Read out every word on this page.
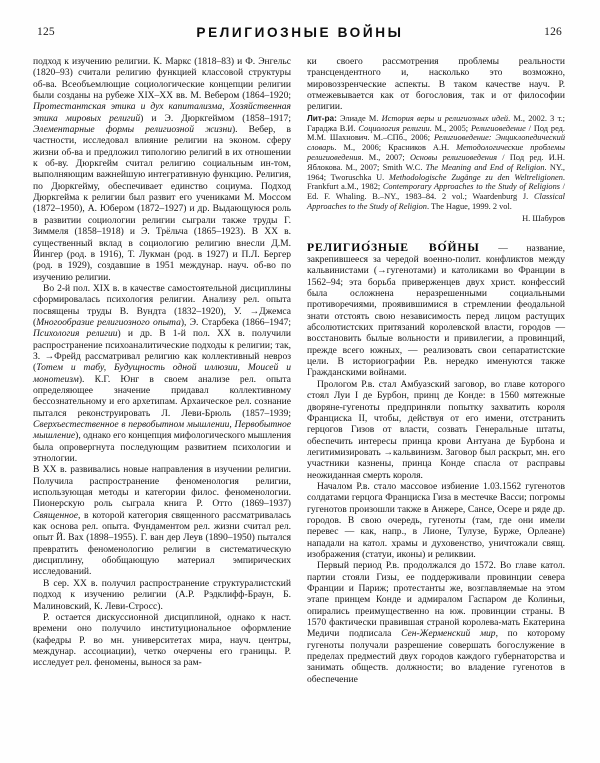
125	РЕЛИГИОЗНЫЕ ВОЙНЫ	126

подход к изучению религии. К. Маркс (1818–83) и Ф. Энгельс (1820–93) считали религию функцией классовой структуры об-ва. Всеобъемлющие социологические концепции религии были созданы на рубеже XIX–XX вв. М. Вебером (1864–1920; Протестантская этика и дух капитализма, Хозяйственная этика мировых религий) и Э. Дюркгеймом (1858–1917; Элементарные формы религиозной жизни). Вебер, в частности, исследовал влияние религии на эконом. сферу жизни об-ва и предложил типологию религий в их отношении к об-ву. Дюркгейм считал религию социальным ин-том, выполняющим важнейшую интегративную функцию. Религия, по Дюркгейму, обеспечивает единство социума. Подход Дюркгейма к религии был развит его учениками М. Моссом (1872–1950), А. Юбером (1872–1927) и др. Выдающуюся роль в развитии социологии религии сыграли также труды Г. Зиммеля (1858–1918) и Э. Трёльча (1865–1923). В XX в. существенный вклад в социологию религию внесли Д.М. Йингер (род. в 1916), Т. Лукман (род. в 1927) и П.Л. Бергер (род. в 1929), создавшие в 1951 междунар. науч. об-во по изучению религии.

Во 2-й пол. XIX в. в качестве самостоятельной дисциплины сформировалась психология религии. Анализу рел. опыта посвящены труды В. Вундта (1832–1920), У. →Джемса (Многообразие религиозного опыта), Э. Старбека (1866–1947; Психология религии) и др. В 1-й пол. XX в. получили распространение психоаналитические подходы к религии; так, З. →Фрейд рассматривал религию как коллективный невроз (Тотем и табу, Будущность одной иллюзии, Моисей и монотеизм). К.Г. Юнг в своем анализе рел. опыта определяющее значение придавал коллективному бессознательному и его архетипам. Архаическое рел. сознание пытался реконструировать Л. Леви-Брюль (1857–1939; Сверхъестественное в первобытном мышлении, Первобытное мышление), однако его концепция мифологического мышления была опровергнута последующим развитием психологии и этнологии.

В XX в. развивались новые направления в изучении религии. Получила распространение феноменология религии, использующая методы и категории филос. феноменологии. Пионерскую роль сыграла книга Р. Отто (1869–1937) Священное, в которой категория священного рассматривалась как основа рел. опыта. Фундаментом рел. жизни считал рел. опыт Й. Вах (1898–1955). Г. ван дер Леув (1890–1950) пытался превратить феноменологию религии в систематическую дисциплину, обобщающую материал эмпирических исследований.

В сер. XX в. получил распространение структуралистский подход к изучению религии (А.Р. Рэдклифф-Браун, Б. Малиновский, К. Леви-Стросс).

Р. остается дискуссионной дисциплиной, однако к наст. времени оно получило институциональное оформление (кафедры Р. во мн. университетах мира, науч. центры, междунар. ассоциации), четко очерчены его границы. Р. исследует рел. феномены, вынося за рам-

ки своего рассмотрения проблемы реальности трансцендентного и, насколько это возможно, мировоззренческие аспекты. В таком качестве науч. Р. отмежевывается как от богословия, так и от философии религии.

Лит-ра: Элиаде М. История веры и религиозных идей. М., 2002. 3 т.; Гараджа В.И. Социология религии. М., 2005; Религиоведение / Под ред. М.М. Шахнович. М.–СПб., 2006; Религиоведение: Энциклопедический словарь. М., 2006; Красников А.Н. Методологические проблемы религиоведения. М., 2007; Основы религиоведения / Под ред. И.Н. Яблокова. М., 2007; Smith W.C. The Meaning and End of Religion. NY., 1964; Tworuschka U. Methodologische Zugänge zu den Weltreligionen. Frankfurt a.M., 1982; Contemporary Approaches to the Study of Religions / Ed. F. Whaling. B.–NY., 1983–84. 2 vol.; Waardenburg J. Classical Approaches to the Study of Religion. The Hague, 1999. 2 vol.

Н. Шабуров

РЕЛИГИО́ЗНЫЕ ВО́ЙНЫ — название, закрепившееся за чередой военно-полит. конфликтов между кальвинистами (→гугенотами) и католиками во Франции в 1562–94; эта борьба приверженцев двух христ. конфессий была осложнена неразрешенными социальными противоречиями, проявившимися в стремлении феодальной знати отстоять свою независимость перед лицом растущих абсолютистских притязаний королевской власти, городов — восстановить былые вольности и привилегии, а провинций, прежде всего южных, — реализовать свои сепаратистские цели. В историографии Р.в. нередко именуются также Гражданскими войнами.

Прологом Р.в. стал Амбуазский заговор, во главе которого стоял Луи I де Бурбон, принц де Конде: в 1560 мятежные дворяне-гугеноты предприняли попытку захватить короля Франциска II, чтобы, действуя от его имени, отстранить герцогов Гизов от власти, созвать Генеральные штаты, обеспечить интересы принца крови Антуана де Бурбона и легитимизировать →кальвинизм. Заговор был раскрыт, мн. его участники казнены, принца Конде спасла от расправы неожиданная смерть короля.

Началом Р.в. стало массовое избиение 1.03.1562 гугенотов солдатами герцога Франциска Гиза в местечке Васси; погромы гугенотов произошли также в Анжере, Сансе, Осере и ряде др. городов. В свою очередь, гугеноты (там, где они имели перевес — как, напр., в Лионе, Тулузе, Бурже, Орлеане) нападали на катол. храмы и духовенство, уничтожали свящ. изображения (статуи, иконы) и реликвии.

Первый период Р.в. продолжался до 1572. Во главе катол. партии стояли Гизы, ее поддерживали провинции севера Франции и Париж; протестанты же, возглавляемые на этом этапе принцем Конде и адмиралом Гаспаром де Колиньи, опирались преимущественно на юж. провинции страны. В 1570 фактически правившая страной королева-мать Екатерина Медичи подписала Сен-Жерменский мир, по которому гугеноты получали разрешение совершать богослужение в пределах предместий двух городов каждого губернаторства и занимать обществ. должности; во владение гугенотов в обеспечение
